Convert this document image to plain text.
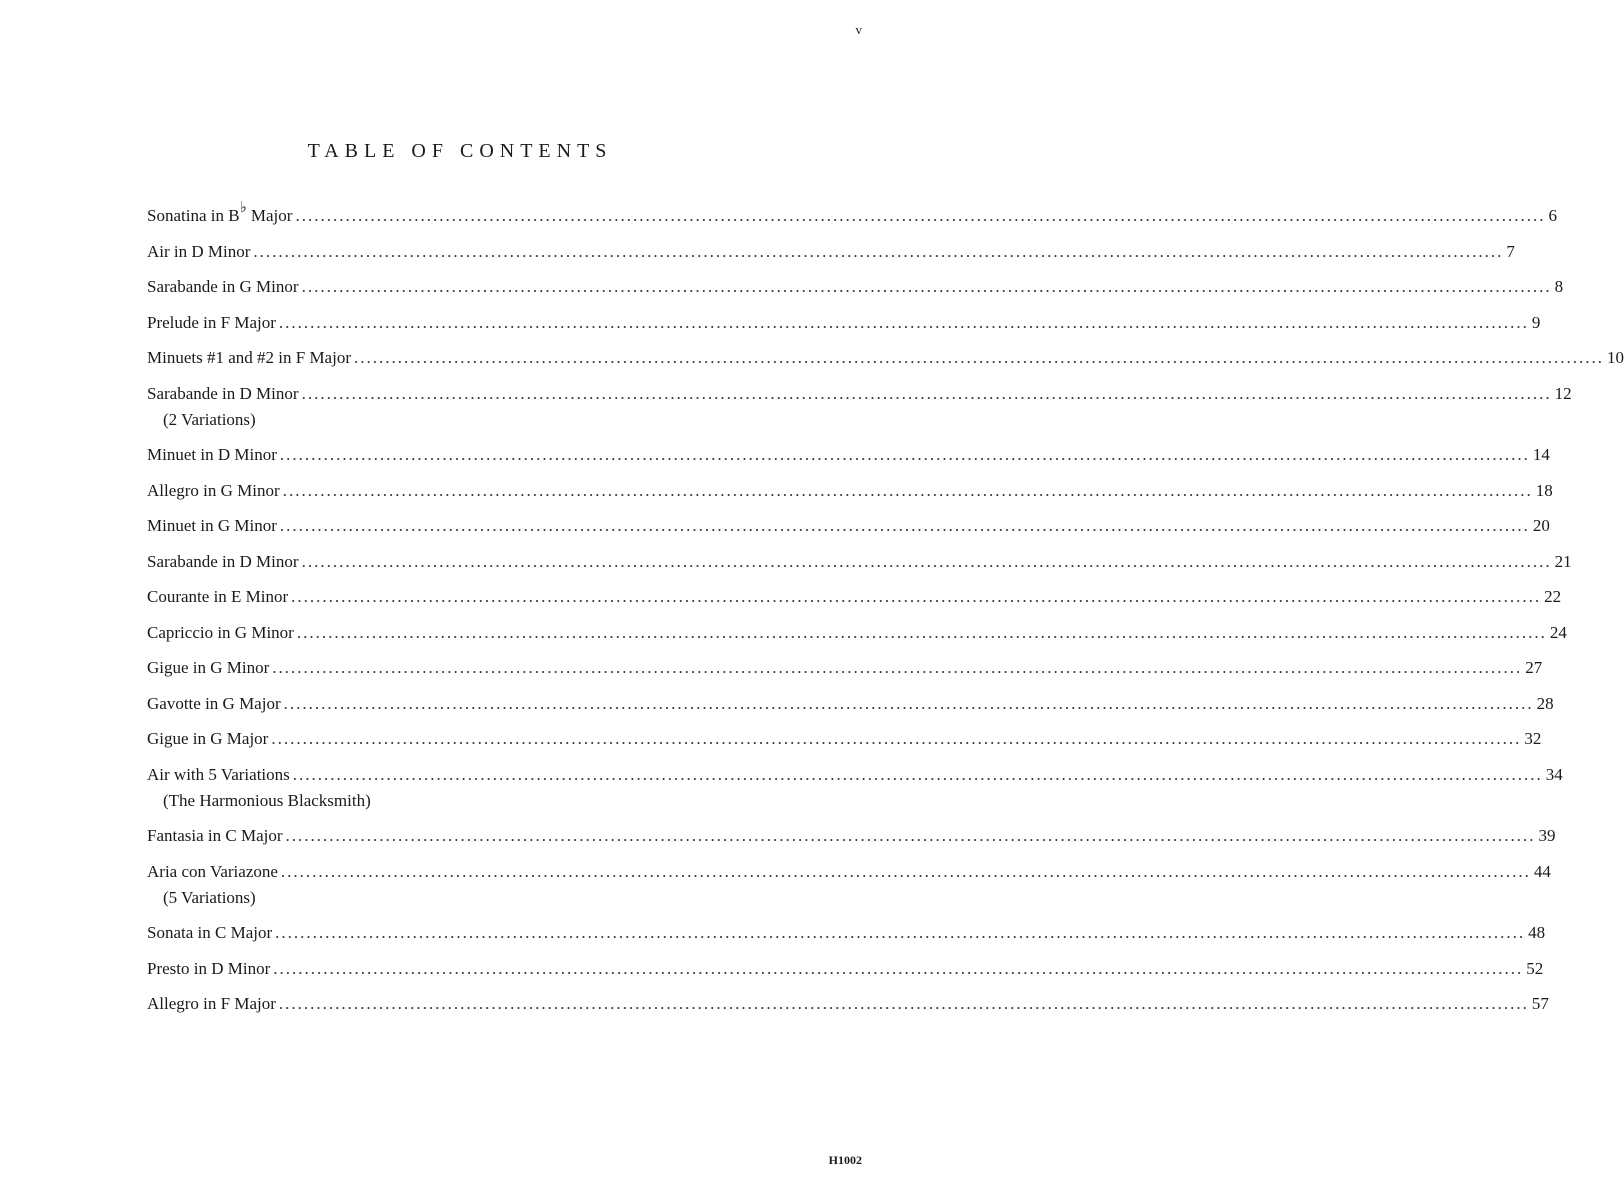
v
TABLE OF CONTENTS
Sonatina in B♭ Major ........................................................................................................................................................................................................ 6
Air in D Minor ........................................................................................................................................................................................................ 7
Sarabande in G Minor ........................................................................................................................................................................................................ 8
Prelude in F Major ........................................................................................................................................................................................................ 9
Minuets #1 and #2 in F Major ........................................................................................................................................................................................................ 10
Sarabande in D Minor ........................................................................................................................................................................................................ 12
(2 Variations)
Minuet in D Minor ........................................................................................................................................................................................................ 14
Allegro in G Minor ........................................................................................................................................................................................................ 18
Minuet in G Minor ........................................................................................................................................................................................................ 20
Sarabande in D Minor ........................................................................................................................................................................................................ 21
Courante in E Minor ........................................................................................................................................................................................................ 22
Capriccio in G Minor ........................................................................................................................................................................................................ 24
Gigue in G Minor ........................................................................................................................................................................................................ 27
Gavotte in G Major ........................................................................................................................................................................................................ 28
Gigue in G Major ........................................................................................................................................................................................................ 32
Air with 5 Variations ........................................................................................................................................................................................................ 34
(The Harmonious Blacksmith)
Fantasia in C Major ........................................................................................................................................................................................................ 39
Aria con Variazone ........................................................................................................................................................................................................ 44
(5 Variations)
Sonata in C Major ........................................................................................................................................................................................................ 48
Presto in D Minor ........................................................................................................................................................................................................ 52
Allegro in F Major ........................................................................................................................................................................................................ 57
H1002
